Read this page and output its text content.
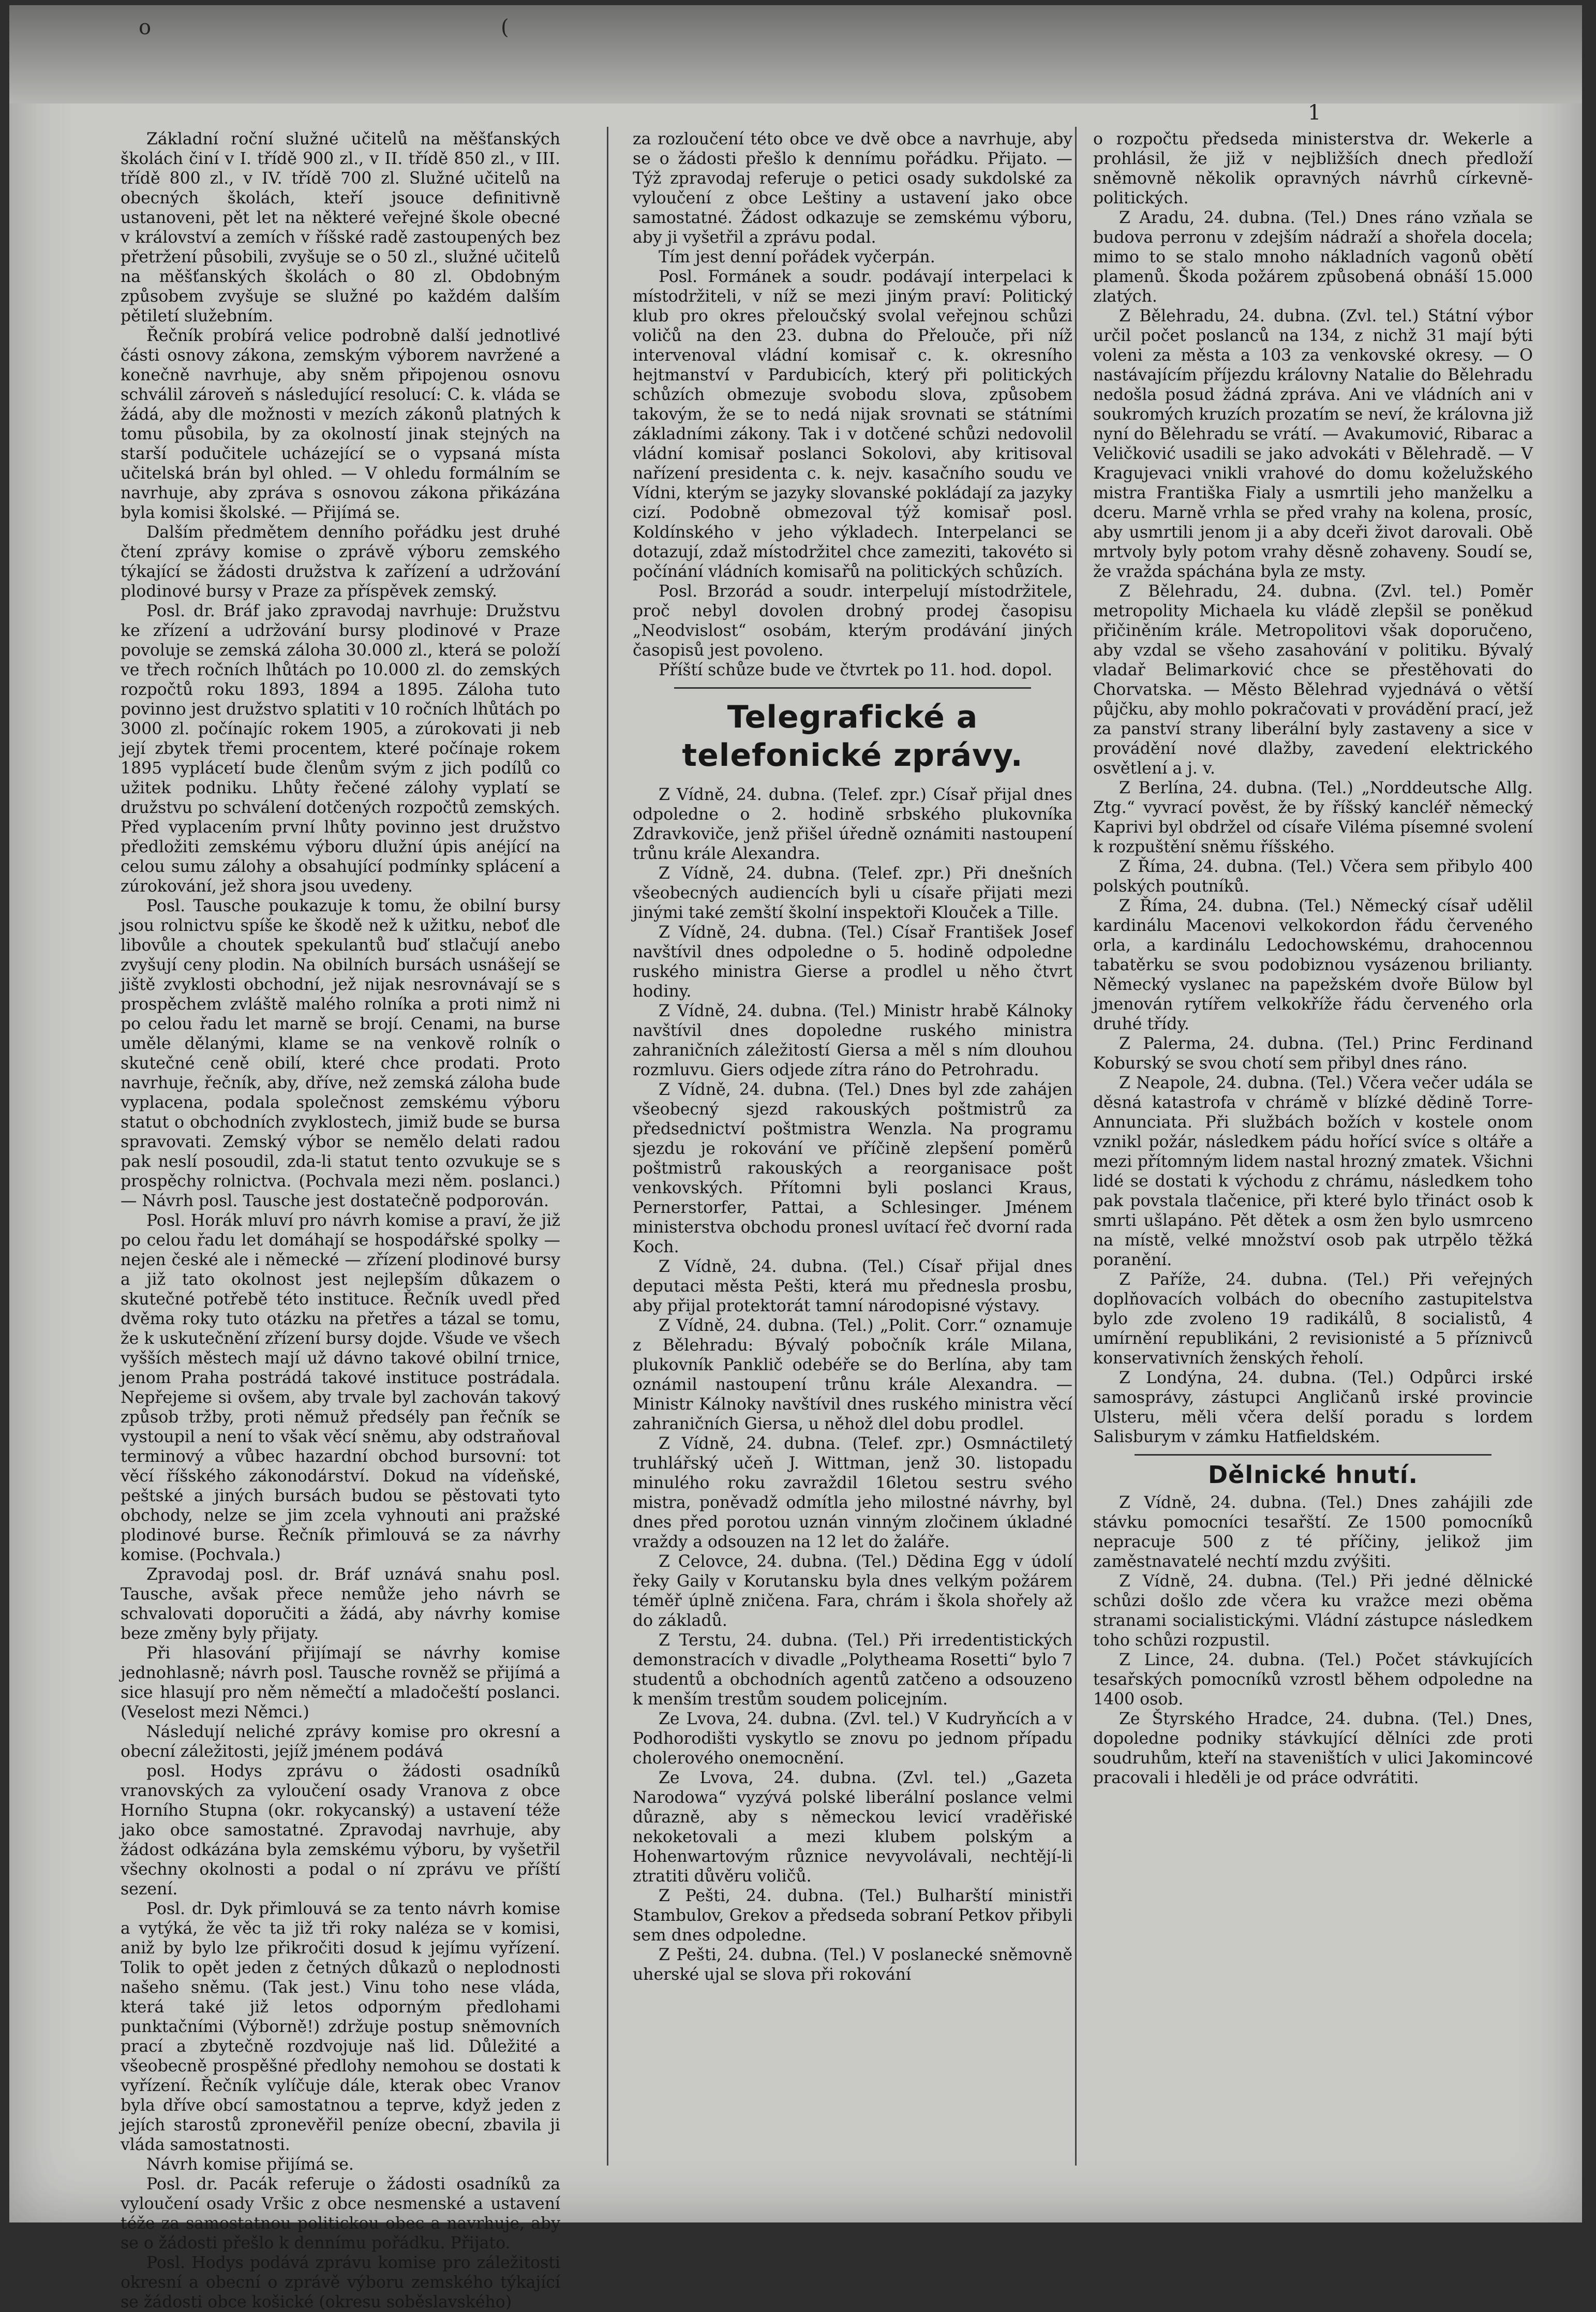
o	(
1

Základní roční služné učitelů na měšťanských školách činí v I. třídě 900 zl., v II. třídě 850 zl., v III. třídě 800 zl., v IV. třídě 700 zl. Služné učitelů na obecných školách, kteří jsouce definitivně ustanoveni, pět let na některé veřejné škole obecné v království a zemích v říšské radě zastoupených bez přetržení působili, zvyšuje se o 50 zl., služné učitelů na měšťanských školách o 80 zl. Obdobným způsobem zvyšuje se služné po každém dalším pětiletí služebním.

Řečník probírá velice podrobně další jednotlivé části osnovy zákona, zemským výborem navržené a konečně navrhuje, aby sněm připojenou osnovu schválil zároveň s následující resolucí: C. k. vláda se žádá, aby dle možnosti v mezích zákonů platných k tomu působila, by za okolností jinak stejných na starší podučitele ucházející se o vypsaná místa učitelská brán byl ohled. — V ohledu formálním se navrhuje, aby zpráva s osnovou zákona přikázána byla komisi školské. — Přijímá se.

Dalším předmětem denního pořádku jest druhé čtení zprávy komise o zprávě výboru zemského týkající se žádosti družstva k zařízení a udržování plodinové bursy v Praze za příspěvek zemský.

Posl. dr. Bráf jako zpravodaj navrhuje: Družstvu ke zřízení a udržování bursy plodinové v Praze povoluje se zemská záloha 30.000 zl., která se položí ve třech ročních lhůtách po 10.000 zl. do zemských rozpočtů roku 1893, 1894 a 1895. Záloha tuto povinno jest družstvo splatiti v 10 ročních lhůtách po 3000 zl. počínajíc rokem 1905, a zúrokovati ji neb její zbytek třemi procentem, které počínaje rokem 1895 vyplácetí bude členům svým z jich podílů co užitek podniku. Lhůty řečené zálohy vyplatí se družstvu po schválení dotčených rozpočtů zemských. Před vyplacením první lhůty povinno jest družstvo předložiti zemskému výboru dlužní úpis anéjící na celou sumu zálohy a obsahující podmínky splácení a zúrokování, jež shora jsou uvedeny.

Posl. Tausche poukazuje k tomu, že obilní bursy jsou rolnictvu spíše ke škodě než k užitku, neboť dle libovůle a choutek spekulantů buď stlačují anebo zvyšují ceny plodin. Na obilních bursách usnášejí se jiště zvyklosti obchodní, jež nijak nesrovnávají se s prospěchem zvláště malého rolníka a proti nimž ni po celou řadu let marně se brojí. Cenami, na burse uměle dělanými, klame se na venkově rolník o skutečné ceně obilí, které chce prodati. Proto navrhuje, řečník, aby, dříve, než zemská záloha bude vyplacena, podala společnost zemskému výboru statut o obchodních zvyklostech, jimiž bude se bursa spravovati. Zemský výbor se nemělo delati radou pak neslí posoudil, zda-li statut tento ozvukuje se s prospěchy rolnictva. (Pochvala mezi něm. poslanci.) — Návrh posl. Tausche jest dostatečně podporován.

Posl. Horák mluví pro návrh komise a praví, že již po celou řadu let domáhají se hospodářské spolky — nejen české ale i německé — zřízení plodinové bursy a již tato okolnost jest nejlepším důkazem o skutečné potřebě této instituce. Řečník uvedl před dvěma roky tuto otázku na přetřes a tázal se tomu, že k uskutečnění zřízení bursy dojde. Všude ve všech vyšších městech mají už dávno takové obilní trnice, jenom Praha postrádá takové instituce postrádala. Nepřejeme si ovšem, aby trvale byl zachován takový způsob tržby, proti němuž předsély pan řečník se vystoupil a není to však věcí sněmu, aby odstraňoval terminový a vůbec hazardní obchod bursovní: tot věcí říšského zákonodárství. Dokud na vídeňské, peštské a jiných bursách budou se pěstovati tyto obchody, nelze se jim zcela vyhnouti ani pražské plodinové burse. Řečník přimlouvá se za návrhy komise. (Pochvala.)

Zpravodaj posl. dr. Bráf uznává snahu posl. Tausche, avšak přece nemůže jeho návrh se schvalovati doporučiti a žádá, aby návrhy komise beze změny byly přijaty.

Při hlasování přijímají se návrhy komise jednohlasně; návrh posl. Tausche rovněž se přijímá a sice hlasují pro něm němečtí a mladočeští poslanci. (Veselost mezi Němci.)

Následují neliché zprávy komise pro okresní a obecní záležitosti, jejíž jménem podává

posl. Hodys zprávu o žádosti osadníků vranovských za vyloučení osady Vranova z obce Horního Stupna (okr. rokycanský) a ustavení téže jako obce samostatné. Zpravodaj navrhuje, aby žádost odkázána byla zemskému výboru, by vyšetřil všechny okolnosti a podal o ní zprávu ve příští sezení.

Posl. dr. Dyk přimlouvá se za tento návrh komise a vytýká, že věc ta již tři roky naléza se v komisi, aniž by bylo lze přikročiti dosud k jejímu vyřízení. Tolik to opět jeden z četných důkazů o neplodnosti našeho sněmu. (Tak jest.) Vinu toho nese vláda, která také již letos odporným předlohami punktačními (Výborně!) zdržuje postup sněmovních prací a zbytečně rozdvojuje naš lid. Důležité a všeobecně prospěšné předlohy nemohou se dostati k vyřízení. Řečník vylíčuje dále, kterak obec Vranov byla dříve obcí samostatnou a teprve, když jeden z jejích starostů zpronevěřil peníze obecní, zbavila ji vláda samostatnosti.

Návrh komise přijímá se.

Posl. dr. Pacák referuje o žádosti osadníků za vyloučení osady Vršic z obce nesmenské a ustavení téže za samostatnou politickou obec a navrhuje, aby se o žádosti přešlo k dennímu pořádku. Přijato.

Posl. Hodys podává zprávu komise pro záležitosti okresní a obecní o zprávě výboru zemského týkající se žádosti obce košické (okresu soběslavského)

za rozloučení této obce ve dvě obce a navrhuje, aby se o žádosti přešlo k dennímu pořádku. Přijato. — Týž zpravodaj referuje o petici osady sukdolské za vyloučení z obce Leštiny a ustavení jako obce samostatné. Žádost odkazuje se zemskému výboru, aby ji vyšetřil a zprávu podal.

Tím jest denní pořádek vyčerpán.

Posl. Formánek a soudr. podávají interpelaci k místodržiteli, v níž se mezi jiným praví: Politický klub pro okres přeloučský svolal veřejnou schůzi voličů na den 23. dubna do Přelouče, při níž intervenoval vládní komisař c. k. okresního hejtmanství v Pardubicích, který při politických schůzích obmezuje svobodu slova, způsobem takovým, že se to nedá nijak srovnati se státními základními zákony. Tak i v dotčené schůzi nedovolil vládní komisař poslanci Sokolovi, aby kritisoval nařízení presidenta c. k. nejv. kasačního soudu ve Vídni, kterým se jazyky slovanské pokládají za jazyky cizí. Podobně obmezoval týž komisař posl. Koldínského v jeho výkladech. Interpelanci se dotazují, zdaž místodržitel chce zameziti, takovéto si počínání vládních komisařů na politických schůzích.

Posl. Brzorád a soudr. interpelují místodržitele, proč nebyl dovolen drobný prodej časopisu „Neodvislost“ osobám, kterým prodávání jiných časopisů jest povoleno.

Příští schůze bude ve čtvrtek po 11. hod. dopol.

Telegrafické a telefonické zprávy.

Z Vídně, 24. dubna. (Telef. zpr.) Císař přijal dnes odpoledne o 2. hodině srbského plukovníka Zdravkoviče, jenž přišel úředně oznámiti nastoupení trůnu krále Alexandra.

Z Vídně, 24. dubna. (Telef. zpr.) Při dnešních všeobecných audiencích byli u císaře přijati mezi jinými také zemští školní inspektoři Klouček a Tille.

Z Vídně, 24. dubna. (Tel.) Císař František Josef navštívil dnes odpoledne o 5. hodině odpoledne ruského ministra Gierse a prodlel u něho čtvrt hodiny.

Z Vídně, 24. dubna. (Tel.) Ministr hrabě Kálnoky navštívil dnes dopoledne ruského ministra zahraničních záležitostí Giersa a měl s ním dlouhou rozmluvu. Giers odjede zítra ráno do Petrohradu.

Z Vídně, 24. dubna. (Tel.) Dnes byl zde zahájen všeobecný sjezd rakouských poštmistrů za předsednictví poštmistra Wenzla. Na programu sjezdu je rokování ve příčině zlepšení poměrů poštmistrů rakouských a reorganisace pošt venkovských. Přítomni byli poslanci Kraus, Pernerstorfer, Pattai, a Schlesinger. Jménem ministerstva obchodu pronesl uvítací řeč dvorní rada Koch.

Z Vídně, 24. dubna. (Tel.) Císař přijal dnes deputaci města Pešti, která mu přednesla prosbu, aby přijal protektorát tamní národopisné výstavy.

Z Vídně, 24. dubna. (Tel.) „Polit. Corr.“ oznamuje z Bělehradu: Bývalý pobočník krále Milana, plukovník Panklič odebéře se do Berlína, aby tam oznámil nastoupení trůnu krále Alexandra. — Ministr Kálnoky navštívil dnes ruského ministra věcí zahraničních Giersa, u něhož dlel dobu prodlel.

Z Vídně, 24. dubna. (Telef. zpr.) Osmnáctiletý truhlářský učeň J. Wittman, jenž 30. listopadu minulého roku zavraždil 16letou sestru svého mistra, poněvadž odmítla jeho milostné návrhy, byl dnes před porotou uznán vinným zločinem úkladné vraždy a odsouzen na 12 let do žaláře.

Z Celovce, 24. dubna. (Tel.) Dědina Egg v údolí řeky Gaily v Korutansku byla dnes velkým požárem téměř úplně zničena. Fara, chrám i škola shořely až do základů.

Z Terstu, 24. dubna. (Tel.) Při irredentistických demonstracích v divadle „Polytheama Rosetti“ bylo 7 studentů a obchodních agentů zatčeno a odsouzeno k menším trestům soudem policejním.

Ze Lvova, 24. dubna. (Zvl. tel.) V Kudryňcích a v Podhorodišti vyskytlo se znovu po jednom případu cholerového onemocnění.

Ze Lvova, 24. dubna. (Zvl. tel.) „Gazeta Narodowa“ vyzývá polské liberální poslance velmi důrazně, aby s německou levicí vraděřiské nekoketovali a mezi klubem polským a Hohenwartovým různice nevyvolávali, nechtějí-li ztratiti důvěru voličů.

Z Pešti, 24. dubna. (Tel.) Bulharští ministři Stambulov, Grekov a předseda sobraní Petkov přibyli sem dnes odpoledne.

Z Pešti, 24. dubna. (Tel.) V poslanecké sněmovně uherské ujal se slova při rokování

o rozpočtu předseda ministerstva dr. Wekerle a prohlásil, že již v nejbližších dnech předloží sněmovně několik opravných návrhů církevně-politických.

Z Aradu, 24. dubna. (Tel.) Dnes ráno vzňala se budova perronu v zdejším nádraží a shořela docela; mimo to se stalo mnoho nákladních vagonů obětí plamenů. Škoda požárem způsobená obnáší 15.000 zlatých.

Z Bělehradu, 24. dubna. (Zvl. tel.) Státní výbor určil počet poslanců na 134, z nichž 31 mají býti voleni za města a 103 za venkovské okresy. — O nastávajícím příjezdu královny Natalie do Bělehradu nedošla posud žádná zpráva. Ani ve vládních ani v soukromých kruzích prozatím se neví, že královna již nyní do Bělehradu se vrátí. — Avakumović, Ribarac a Veličković usadili se jako advokáti v Bělehradě. — V Kragujevaci vnikli vrahové do domu koželužského mistra Františka Fialy a usmrtili jeho manželku a dceru. Marně vrhla se před vrahy na kolena, prosíc, aby usmrtili jenom ji a aby dceři život darovali. Obě mrtvoly byly potom vrahy děsně zohaveny. Soudí se, že vražda spáchána byla ze msty.

Z Bělehradu, 24. dubna. (Zvl. tel.) Poměr metropolity Michaela ku vládě zlepšil se poněkud přičiněním krále. Metropolitovi však doporučeno, aby vzdal se všeho zasahování v politiku. Bývalý vladař Belimarković chce se přestěhovati do Chorvatska. — Město Bělehrad vyjednává o větší půjčku, aby mohlo pokračovati v provádění prací, jež za panství strany liberální byly zastaveny a sice v provádění nové dlažby, zavedení elektrického osvětlení a j. v.

Z Berlína, 24. dubna. (Tel.) „Norddeutsche Allg. Ztg.“ vyvrací pověst, že by říšský kancléř německý Kaprivi byl obdržel od císaře Viléma písemné svolení k rozpuštění sněmu říšského.

Z Říma, 24. dubna. (Tel.) Včera sem přibylo 400 polských poutníků.

Z Říma, 24. dubna. (Tel.) Německý císař udělil kardinálu Macenovi velkokordon řádu červeného orla, a kardinálu Ledochowskému, drahocennou tabatěrku se svou podobiznou vysázenou brilianty. Německý vyslanec na papežském dvoře Bülow byl jmenován rytířem velkokříže řádu červeného orla druhé třídy.

Z Palerma, 24. dubna. (Tel.) Princ Ferdinand Koburský se svou chotí sem přibyl dnes ráno.

Z Neapole, 24. dubna. (Tel.) Včera večer udála se děsná katastrofa v chrámě v blízké dědině Torre-Annunciata. Při službách božích v kostele onom vznikl požár, následkem pádu hořící svíce s oltáře a mezi přítomným lidem nastal hrozný zmatek. Všichni lidé se dostati k východu z chrámu, následkem toho pak povstala tlačenice, při které bylo třináct osob k smrti ušlapáno. Pět dětek a osm žen bylo usmrceno na místě, velké množství osob pak utrpělo těžká poranění.

Z Paříže, 24. dubna. (Tel.) Při veřejných doplňovacích volbách do obecního zastupitelstva bylo zde zvoleno 19 radikálů, 8 socialistů, 4 umírnění republikáni, 2 revisionisté a 5 příznivců konservativních ženských řeholí.

Z Londýna, 24. dubna. (Tel.) Odpůrci irské samosprávy, zástupci Angličanů irské provincie Ulsteru, měli včera delší poradu s lordem Salisburym v zámku Hatfieldském.

Dělnické hnutí.

Z Vídně, 24. dubna. (Tel.) Dnes zahájili zde stávku pomocníci tesařští. Ze 1500 pomocníků nepracuje 500 z té příčiny, jelikož jim zaměstnavatelé nechtí mzdu zvýšiti.

Z Vídně, 24. dubna. (Tel.) Při jedné dělnické schůzi došlo zde včera ku vražce mezi oběma stranami socialistickými. Vládní zástupce následkem toho schůzi rozpustil.

Z Lince, 24. dubna. (Tel.) Počet stávkujících tesařských pomocníků vzrostl během odpoledne na 1400 osob.

Ze Štyrského Hradce, 24. dubna. (Tel.) Dnes, dopoledne podniky stávkující dělníci zde proti soudruhům, kteří na staveništích v ulici Jakomincové pracovali i hleděli je od práce odvrátiti.
